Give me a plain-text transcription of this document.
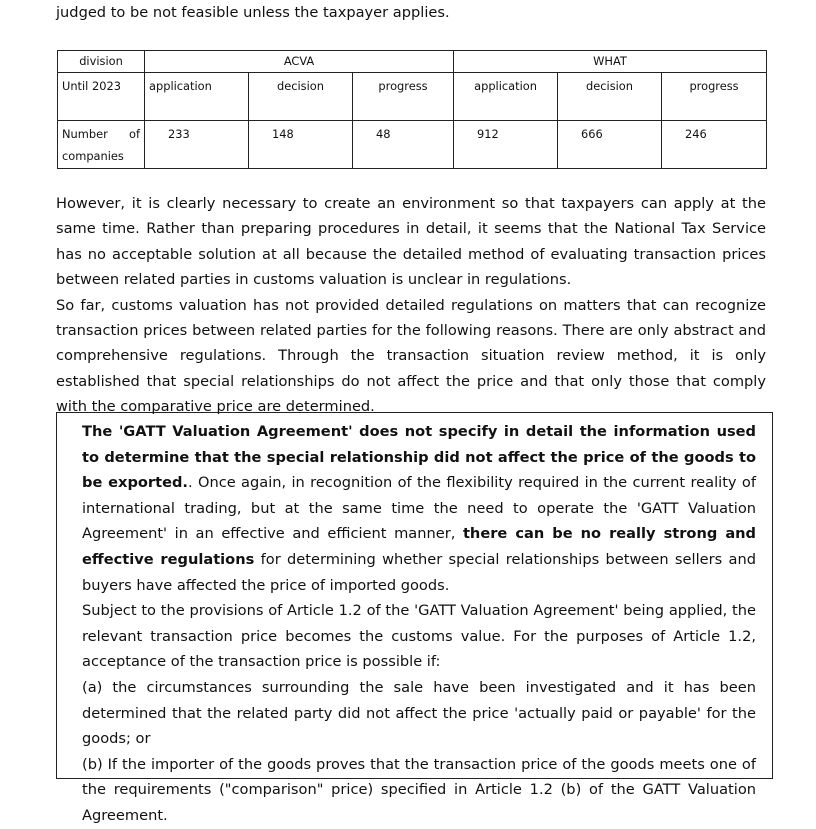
judged to be not feasible unless the taxpayer applies.

division	ACVA			WHAT		
Until 2023	application	decision	progress	application	decision	progress

Number of
companies	233	148	48	912	666	246

However, it is clearly necessary to create an environment so that taxpayers can apply at the same time. Rather than preparing procedures in detail, it seems that the National Tax Service has no acceptable solution at all because the detailed method of evaluating transaction prices between related parties in customs valuation is unclear in regulations.

So far, customs valuation has not provided detailed regulations on matters that can recognize transaction prices between related parties for the following reasons. There are only abstract and comprehensive regulations. Through the transaction situation review method, it is only established that special relationships do not affect the price and that only those that comply with the comparative price are determined.

The 'GATT Valuation Agreement' does not specify in detail the information used to determine that the special relationship did not affect the price of the goods to be exported.. Once again, in recognition of the flexibility required in the current reality of international trading, but at the same time the need to operate the 'GATT Valuation Agreement' in an effective and efficient manner, there can be no really strong and effective regulations for determining whether special relationships between sellers and buyers have affected the price of imported goods.

Subject to the provisions of Article 1.2 of the 'GATT Valuation Agreement' being applied, the relevant transaction price becomes the customs value. For the purposes of Article 1.2, acceptance of the transaction price is possible if:

(a) the circumstances surrounding the sale have been investigated and it has been determined that the related party did not affect the price 'actually paid or payable' for the goods; or

(b) If the importer of the goods proves that the transaction price of the goods meets one of the requirements ("comparison" price) specified in Article 1.2 (b) of the GATT Valuation Agreement.
